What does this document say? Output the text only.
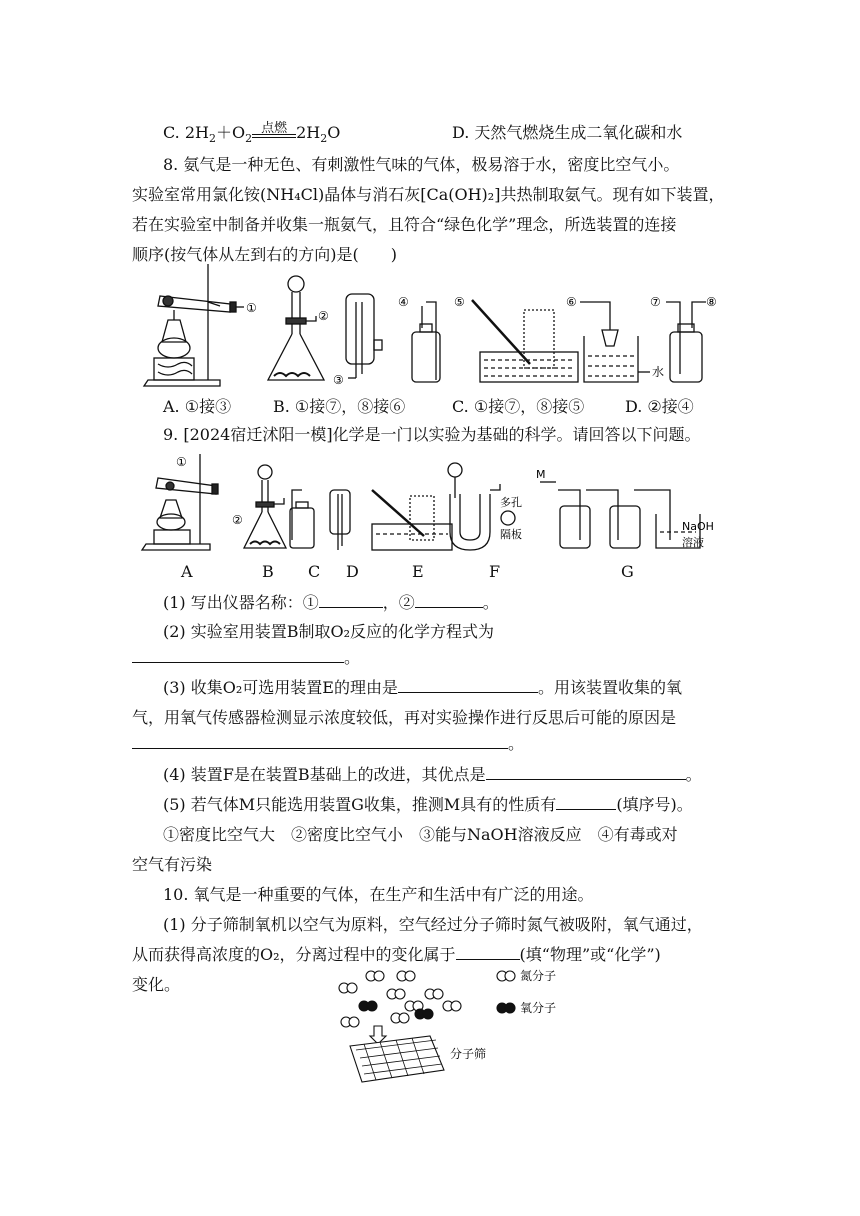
C. $2H_2+O_2$
点燃 $2H_2O$	D. 天然气燃烧生成二氧化碳和水
8. 氨气是一种无色、有刺激性气味的气体，极易溶于水，密度比空气小。
实验室常用氯化铵(NH₄Cl)晶体与消石灰[Ca(OH)₂]共热制取氨气。现有如下装置，
若在实验室中制备并收集一瓶氨气，且符合“绿色化学”理念，所选装置的连接
顺序(按气体从左到右的方向)是(　　)
①
②
③
④	⑤	⑥	⑦	⑧
水
A. ①接③	B. ①接⑦，⑧接⑥	C. ①接⑦，⑧接⑤	D. ②接④
9. [2024宿迁沭阳一模]化学是一门以实验为基础的科学。请回答以下问题。
①
②
M
多孔
隔板
NaOH
溶液
A	B C D	E	F	G
(1) 写出仪器名称：①	，②	。
(2) 实验室用装置B制取O₂反应的化学方程式为
。
(3) 收集O₂可选用装置E的理由是	。用该装置收集的氧
气，用氧气传感器检测显示浓度较低，再对实验操作进行反思后可能的原因是
。
(4) 装置F是在装置B基础上的改进，其优点是	。
(5) 若气体M只能选用装置G收集，推测M具有的性质有	(填序号)。
①密度比空气大　②密度比空气小　③能与NaOH溶液反应　④有毒或对
空气有污染
10. 氧气是一种重要的气体，在生产和生活中有广泛的用途。
(1) 分子筛制氧机以空气为原料，空气经过分子筛时氮气被吸附，氧气通过，
从而获得高浓度的O₂，分离过程中的变化属于	(填“物理”或“化学”)
变化。	氮分子
氧分子
分子筛
